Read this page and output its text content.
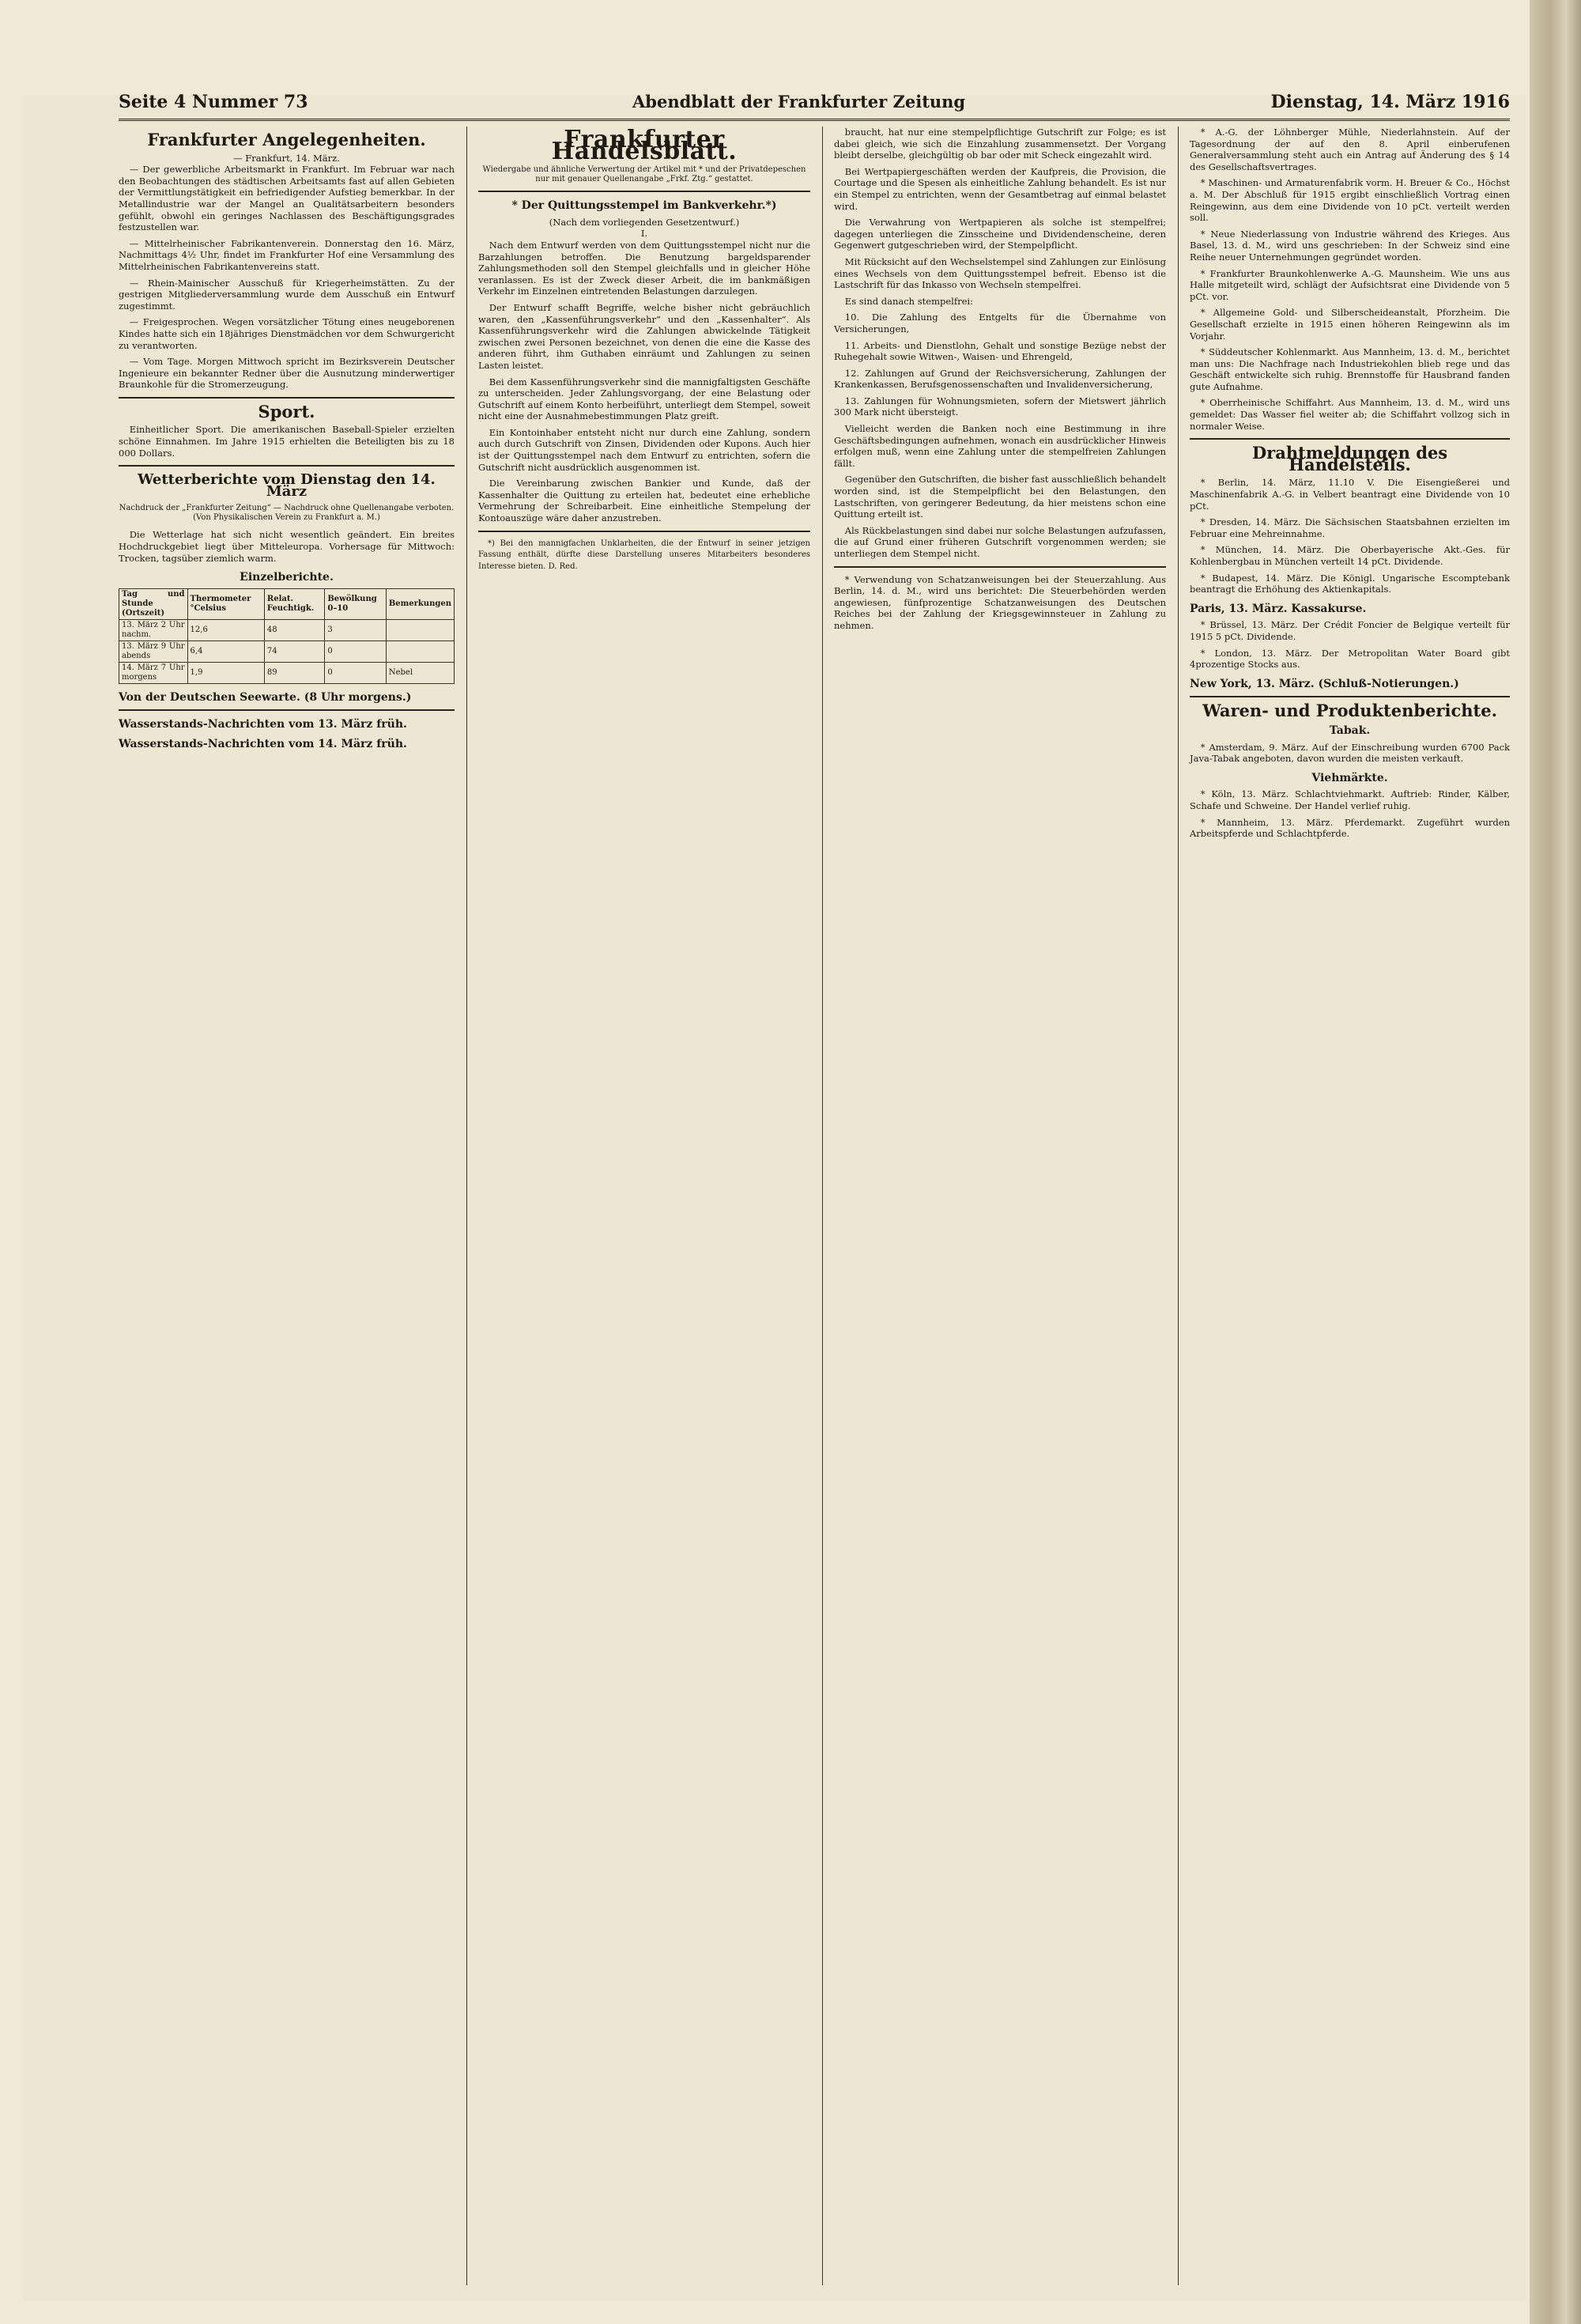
Seite 4 Nummer 73	Abendblatt der Frankfurter Zeitung	Dienstag, 14. März 1916
Frankfurter Angelegenheiten.
— Frankfurt, 14. März.

— Der gewerbliche Arbeitsmarkt in Frankfurt. Im Februar war nach den Beobachtungen des städtischen Arbeitsamts fast auf allen Gebieten der Vermittlungstätigkeit ein befriedigender Aufstieg bemerkbar. In der Metallindustrie war der Mangel an Qualitätsarbeitern besonders gefühlt, obwohl ein geringes Nachlassen des Beschäftigungsgrades festzustellen war.

— Mittelrheinischer Fabrikantenverein. Donnerstag den 16. März, Nachmittags 4½ Uhr, findet im Frankfurter Hof eine Versammlung des Mittelrheinischen Fabrikantenvereins statt.

— Rhein-Mainischer Ausschuß für Kriegerheimstätten. Zu der gestrigen Mitgliederversammlung wurde dem Ausschuß ein Entwurf zugestimmt.

— Freigesprochen. Wegen vorsätzlicher Tötung eines neugeborenen Kindes hatte sich ein 18jähriges Dienstmädchen vor dem Schwurgericht zu verantworten.

— Vom Tage. Morgen Mittwoch spricht im Bezirksverein Deutscher Ingenieure ein bekannter Redner über die Ausnutzung minderwertiger Braunkohle für die Stromerzeugung.

Sport.

Einheitlicher Sport. Die amerikanischen Baseball-Spieler erzielten schöne Einnahmen. Im Jahre 1915 erhielten die Beteiligten bis zu 18 000 Dollars.

Wetterberichte vom Dienstag den 14. März
Nachdruck der „Frankfurter Zeitung“ — Nachdruck ohne Quellenangabe verboten. (Von Physikalischen Verein zu Frankfurt a. M.)

Die Wetterlage hat sich nicht wesentlich geändert. Ein breites Hochdruckgebiet liegt über Mitteleuropa. Vorhersage für Mittwoch: Trocken, tagsüber ziemlich warm.

Einzelberichte.
Tag und Stunde (Ortszeit)	Thermometer °Celsius	Relat. Feuchtigk.	Bewölkung 0–10	Bemerkungen
13. März 2 Uhr nachm.	12,6	48	3	
13. März 9 Uhr abends	6,4	74	0	
14. März 7 Uhr morgens	1,9	89	0	Nebel
Von der Deutschen Seewarte. (8 Uhr morgens.)
Wasserstands-Nachrichten vom 13. März früh.
Wasserstands-Nachrichten vom 14. März früh.
Frankfurter Handelsblatt.
Wiedergabe und ähnliche Verwertung der Artikel mit * und der Privatdepeschen nur mit genauer Quellenangabe „Frkf. Ztg.“ gestattet.
* Der Quittungsstempel im Bankverkehr.*)
(Nach dem vorliegenden Gesetzentwurf.)
I.

Nach dem Entwurf werden von dem Quittungsstempel nicht nur die Barzahlungen betroffen. Die Benutzung bargeldsparender Zahlungsmethoden soll den Stempel gleichfalls und in gleicher Höhe veranlassen. Es ist der Zweck dieser Arbeit, die im bankmäßigen Verkehr im Einzelnen eintretenden Belastungen darzulegen.

Der Entwurf schafft Begriffe, welche bisher nicht gebräuchlich waren, den „Kassenführungsverkehr“ und den „Kassenhalter“. Als Kassenführungsverkehr wird die Zahlungen abwickelnde Tätigkeit zwischen zwei Personen bezeichnet, von denen die eine die Kasse des anderen führt, ihm Guthaben einräumt und Zahlungen zu seinen Lasten leistet.

Bei dem Kassenführungsverkehr sind die mannigfaltigsten Geschäfte zu unterscheiden. Jeder Zahlungsvorgang, der eine Belastung oder Gutschrift auf einem Konto herbeiführt, unterliegt dem Stempel, soweit nicht eine der Ausnahmebestimmungen Platz greift.

Ein Kontoinhaber entsteht nicht nur durch eine Zahlung, sondern auch durch Gutschrift von Zinsen, Dividenden oder Kupons. Auch hier ist der Quittungsstempel nach dem Entwurf zu entrichten, sofern die Gutschrift nicht ausdrücklich ausgenommen ist.

Die Vereinbarung zwischen Bankier und Kunde, daß der Kassenhalter die Quittung zu erteilen hat, bedeutet eine erhebliche Vermehrung der Schreibarbeit. Eine einheitliche Stempelung der Kontoauszüge wäre daher anzustreben.

*) Bei den mannigfachen Unklarheiten, die der Entwurf in seiner jetzigen Fassung enthält, dürfte diese Darstellung unseres Mitarbeiters besonderes Interesse bieten. D. Red.

braucht, hat nur eine stempelpflichtige Gutschrift zur Folge; es ist dabei gleich, wie sich die Einzahlung zusammensetzt. Der Vorgang bleibt derselbe, gleichgültig ob bar oder mit Scheck eingezahlt wird.

Bei Wertpapiergeschäften werden der Kaufpreis, die Provision, die Courtage und die Spesen als einheitliche Zahlung behandelt. Es ist nur ein Stempel zu entrichten, wenn der Gesamtbetrag auf einmal belastet wird.

Die Verwahrung von Wertpapieren als solche ist stempelfrei; dagegen unterliegen die Zinsscheine und Dividendenscheine, deren Gegenwert gutgeschrieben wird, der Stempelpflicht.

Mit Rücksicht auf den Wechselstempel sind Zahlungen zur Einlösung eines Wechsels von dem Quittungsstempel befreit. Ebenso ist die Lastschrift für das Inkasso von Wechseln stempelfrei.

Es sind danach stempelfrei:

10. Die Zahlung des Entgelts für die Übernahme von Versicherungen,

11. Arbeits- und Dienstlohn, Gehalt und sonstige Bezüge nebst der Ruhegehalt sowie Witwen-, Waisen- und Ehrengeld,

12. Zahlungen auf Grund der Reichsversicherung, Zahlungen der Krankenkassen, Berufsgenossenschaften und Invalidenversicherung,

13. Zahlungen für Wohnungsmieten, sofern der Mietswert jährlich 300 Mark nicht übersteigt.

Vielleicht werden die Banken noch eine Bestimmung in ihre Geschäftsbedingungen aufnehmen, wonach ein ausdrücklicher Hinweis erfolgen muß, wenn eine Zahlung unter die stempelfreien Zahlungen fällt.

Gegenüber den Gutschriften, die bisher fast ausschließlich behandelt worden sind, ist die Stempelpflicht bei den Belastungen, den Lastschriften, von geringerer Bedeutung, da hier meistens schon eine Quittung erteilt ist.

Als Rückbelastungen sind dabei nur solche Belastungen aufzufassen, die auf Grund einer früheren Gutschrift vorgenommen werden; sie unterliegen dem Stempel nicht.

* Verwendung von Schatzanweisungen bei der Steuerzahlung. Aus Berlin, 14. d. M., wird uns berichtet: Die Steuerbehörden werden angewiesen, fünfprozentige Schatzanweisungen des Deutschen Reiches bei der Zahlung der Kriegsgewinnsteuer in Zahlung zu nehmen.

* A.-G. der Löhnberger Mühle, Niederlahnstein. Auf der Tagesordnung der auf den 8. April einberufenen Generalversammlung steht auch ein Antrag auf Änderung des § 14 des Gesellschaftsvertrages.

* Maschinen- und Armaturenfabrik vorm. H. Breuer & Co., Höchst a. M. Der Abschluß für 1915 ergibt einschließlich Vortrag einen Reingewinn, aus dem eine Dividende von 10 pCt. verteilt werden soll.

* Neue Niederlassung von Industrie während des Krieges. Aus Basel, 13. d. M., wird uns geschrieben: In der Schweiz sind eine Reihe neuer Unternehmungen gegründet worden.

* Frankfurter Braunkohlenwerke A.-G. Maunsheim. Wie uns aus Halle mitgeteilt wird, schlägt der Aufsichtsrat eine Dividende von 5 pCt. vor.

* Allgemeine Gold- und Silberscheideanstalt, Pforzheim. Die Gesellschaft erzielte in 1915 einen höheren Reingewinn als im Vorjahr.

* Süddeutscher Kohlenmarkt. Aus Mannheim, 13. d. M., berichtet man uns: Die Nachfrage nach Industriekohlen blieb rege und das Geschäft entwickelte sich ruhig. Brennstoffe für Hausbrand fanden gute Aufnahme.

* Oberrheinische Schiffahrt. Aus Mannheim, 13. d. M., wird uns gemeldet: Das Wasser fiel weiter ab; die Schiffahrt vollzog sich in normaler Weise.

Drahtmeldungen des Handelsteils.

* Berlin, 14. März, 11.10 V. Die Eisengießerei und Maschinenfabrik A.-G. in Velbert beantragt eine Dividende von 10 pCt.

* Dresden, 14. März. Die Sächsischen Staatsbahnen erzielten im Februar eine Mehreinnahme.

* München, 14. März. Die Oberbayerische Akt.-Ges. für Kohlenbergbau in München verteilt 14 pCt. Dividende.

* Budapest, 14. März. Die Königl. Ungarische Escomptebank beantragt die Erhöhung des Aktienkapitals.

Paris, 13. März. Kassakurse.

* Brüssel, 13. März. Der Crédit Foncier de Belgique verteilt für 1915 5 pCt. Dividende.

* London, 13. März. Der Metropolitan Water Board gibt 4prozentige Stocks aus.

New York, 13. März. (Schluß-Notierungen.)
Waren- und Produktenberichte.
Tabak.

* Amsterdam, 9. März. Auf der Einschreibung wurden 6700 Pack Java-Tabak angeboten, davon wurden die meisten verkauft.

Viehmärkte.

* Köln, 13. März. Schlachtviehmarkt. Auftrieb: Rinder, Kälber, Schafe und Schweine. Der Handel verlief ruhig.

* Mannheim, 13. März. Pferdemarkt. Zugeführt wurden Arbeitspferde und Schlachtpferde.
